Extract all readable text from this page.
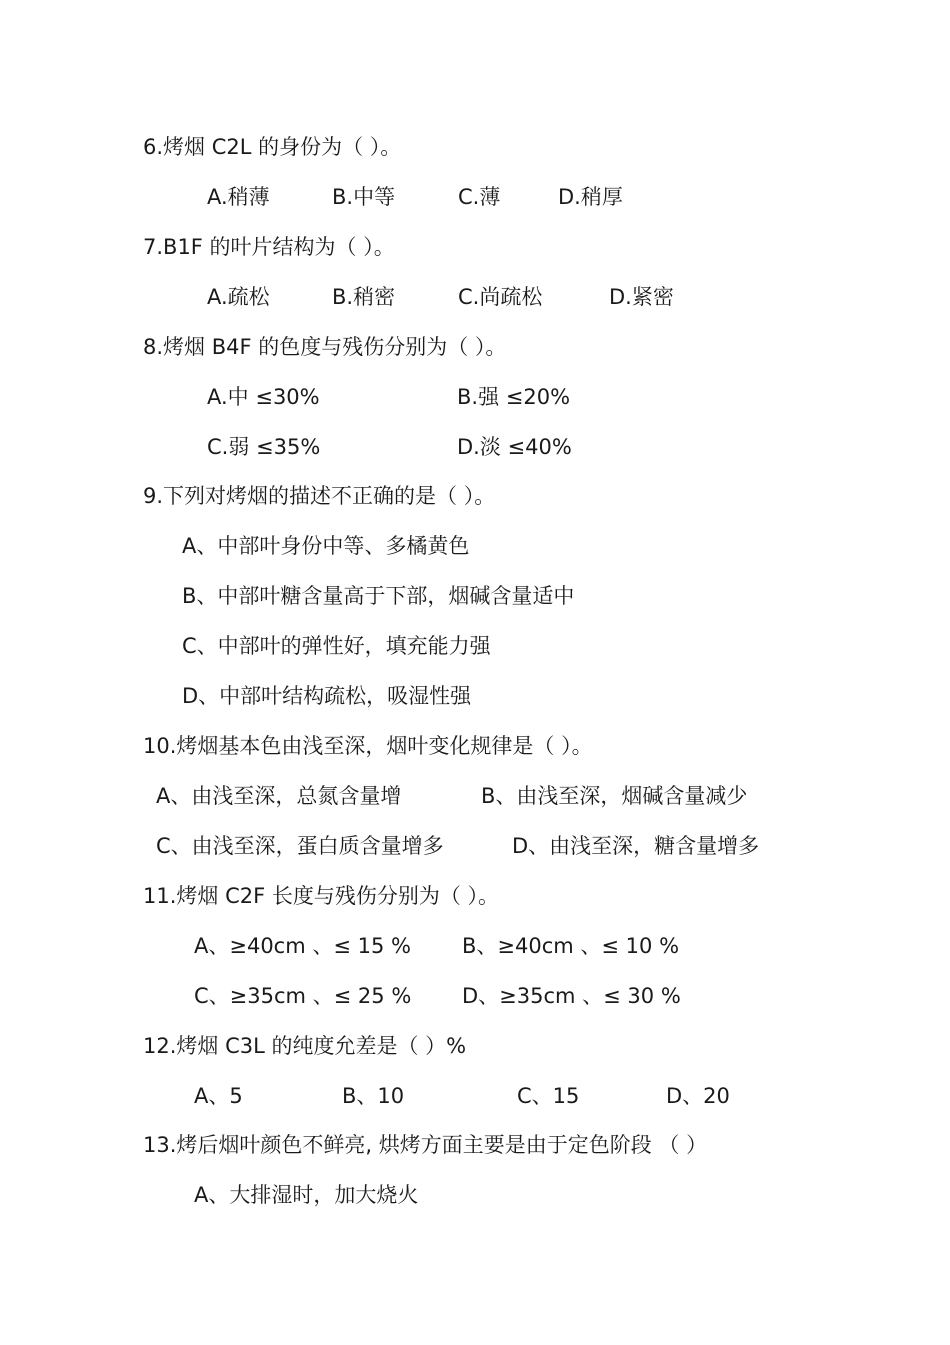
6.烤烟 C2L 的身份为（ ）。
A.稍薄	B.中等	C.薄	D.稍厚
7.B1F 的叶片结构为（ ）。
A.疏松	B.稍密	C.尚疏松	D.紧密
8.烤烟 B4F 的色度与残伤分别为（ ）。
A.中 ≤30%	B.强 ≤20%
C.弱 ≤35%	D.淡 ≤40%
9.下列对烤烟的描述不正确的是（ ）。
A、中部叶身份中等、多橘黄色
B、中部叶糖含量高于下部，烟碱含量适中
C、中部叶的弹性好，填充能力强
D、中部叶结构疏松，吸湿性强
10.烤烟基本色由浅至深，烟叶变化规律是（ ）。
A、由浅至深，总氮含量增	B、由浅至深，烟碱含量减少
C、由浅至深，蛋白质含量增多	D、由浅至深，糖含量增多
11.烤烟 C2F 长度与残伤分别为（ ）。
A、≥40cm 、≤ 15 % B、≥40cm 、≤ 10 %
C、≥35cm 、≤ 25 % D、≥35cm 、≤ 30 %
12.烤烟 C3L 的纯度允差是（ ）%
A、5	B、10	C、15	D、20
13.烤后烟叶颜色不鲜亮, 烘烤方面主要是由于定色阶段 （ ）
A、大排湿时，加大烧火
